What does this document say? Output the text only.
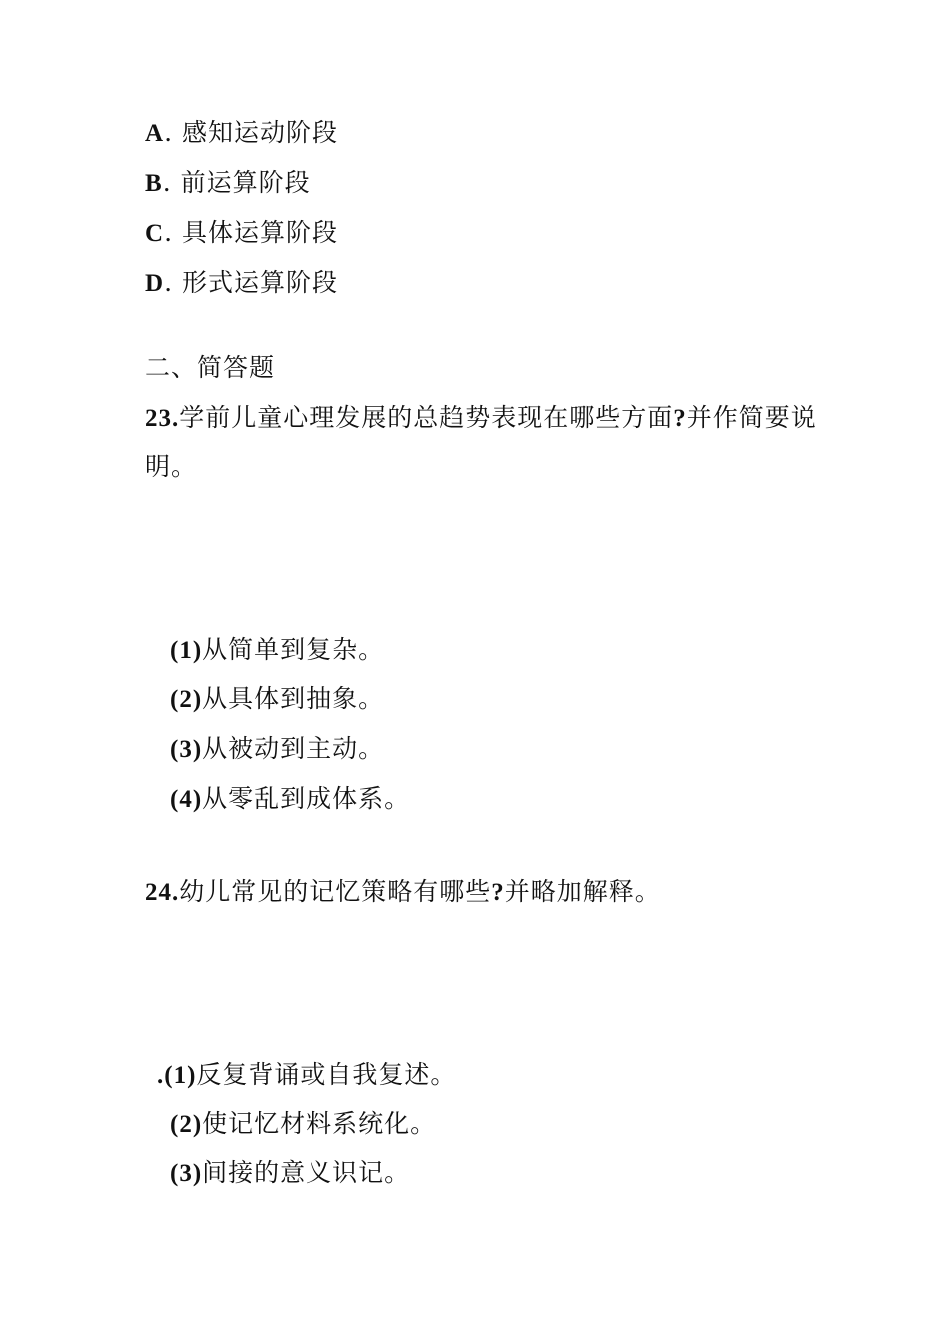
A. 感知运动阶段
B. 前运算阶段
C. 具体运算阶段
D. 形式运算阶段
二、简答题
23.学前儿童心理发展的总趋势表现在哪些方面?并作简要说
明。
(1)从简单到复杂。
(2)从具体到抽象。
(3)从被动到主动。
(4)从零乱到成体系。
24.幼儿常见的记忆策略有哪些?并略加解释。
.(1)反复背诵或自我复述。
(2)使记忆材料系统化。
(3)间接的意义识记。
